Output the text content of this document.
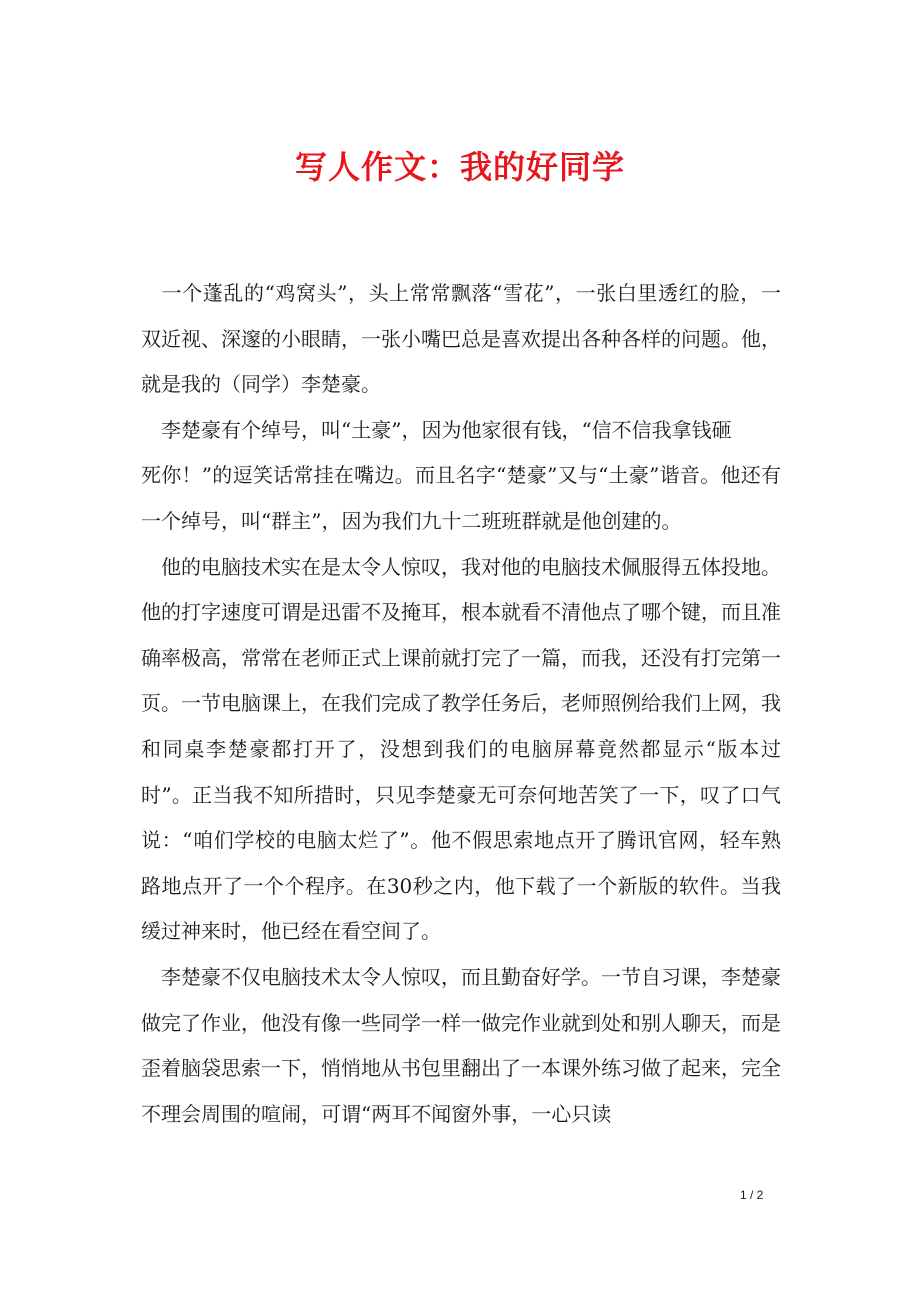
写人作文：我的好同学

　一个蓬乱的“鸡窝头”，头上常常飘落“雪花”，一张白里透红的脸，一双近视、深邃的小眼睛，一张小嘴巴总是喜欢提出各种各样的问题。他，就是我的（同学）李楚豪。

　李楚豪有个绰号，叫“土豪”，因为他家很有钱，“信不信我拿钱砸

死你！”的逗笑话常挂在嘴边。而且名字“楚豪”又与“土豪”谐音。他还有一个绰号，叫“群主”，因为我们九十二班班群就是他创建的。

　他的电脑技术实在是太令人惊叹，我对他的电脑技术佩服得五体投地。他的打字速度可谓是迅雷不及掩耳，根本就看不清他点了哪个键，而且准确率极高，常常在老师正式上课前就打完了一篇，而我，还没有打完第一页。一节电脑课上，在我们完成了教学任务后，老师照例给我们上网，我和同桌李楚豪都打开了，没想到我们的电脑屏幕竟然都显示“版本过时”。正当我不知所措时，只见李楚豪无可奈何地苦笑了一下，叹了口气说：“咱们学校的电脑太烂了”。他不假思索地点开了腾讯官网，轻车熟路地点开了一个个程序。在30秒之内，他下载了一个新版的软件。当我缓过神来时，他已经在看空间了。

　李楚豪不仅电脑技术太令人惊叹，而且勤奋好学。一节自习课，李楚豪做完了作业，他没有像一些同学一样一做完作业就到处和别人聊天，而是歪着脑袋思索一下，悄悄地从书包里翻出了一本课外练习做了起来，完全不理会周围的喧闹，可谓“两耳不闻窗外事，一心只读

1 / 2
